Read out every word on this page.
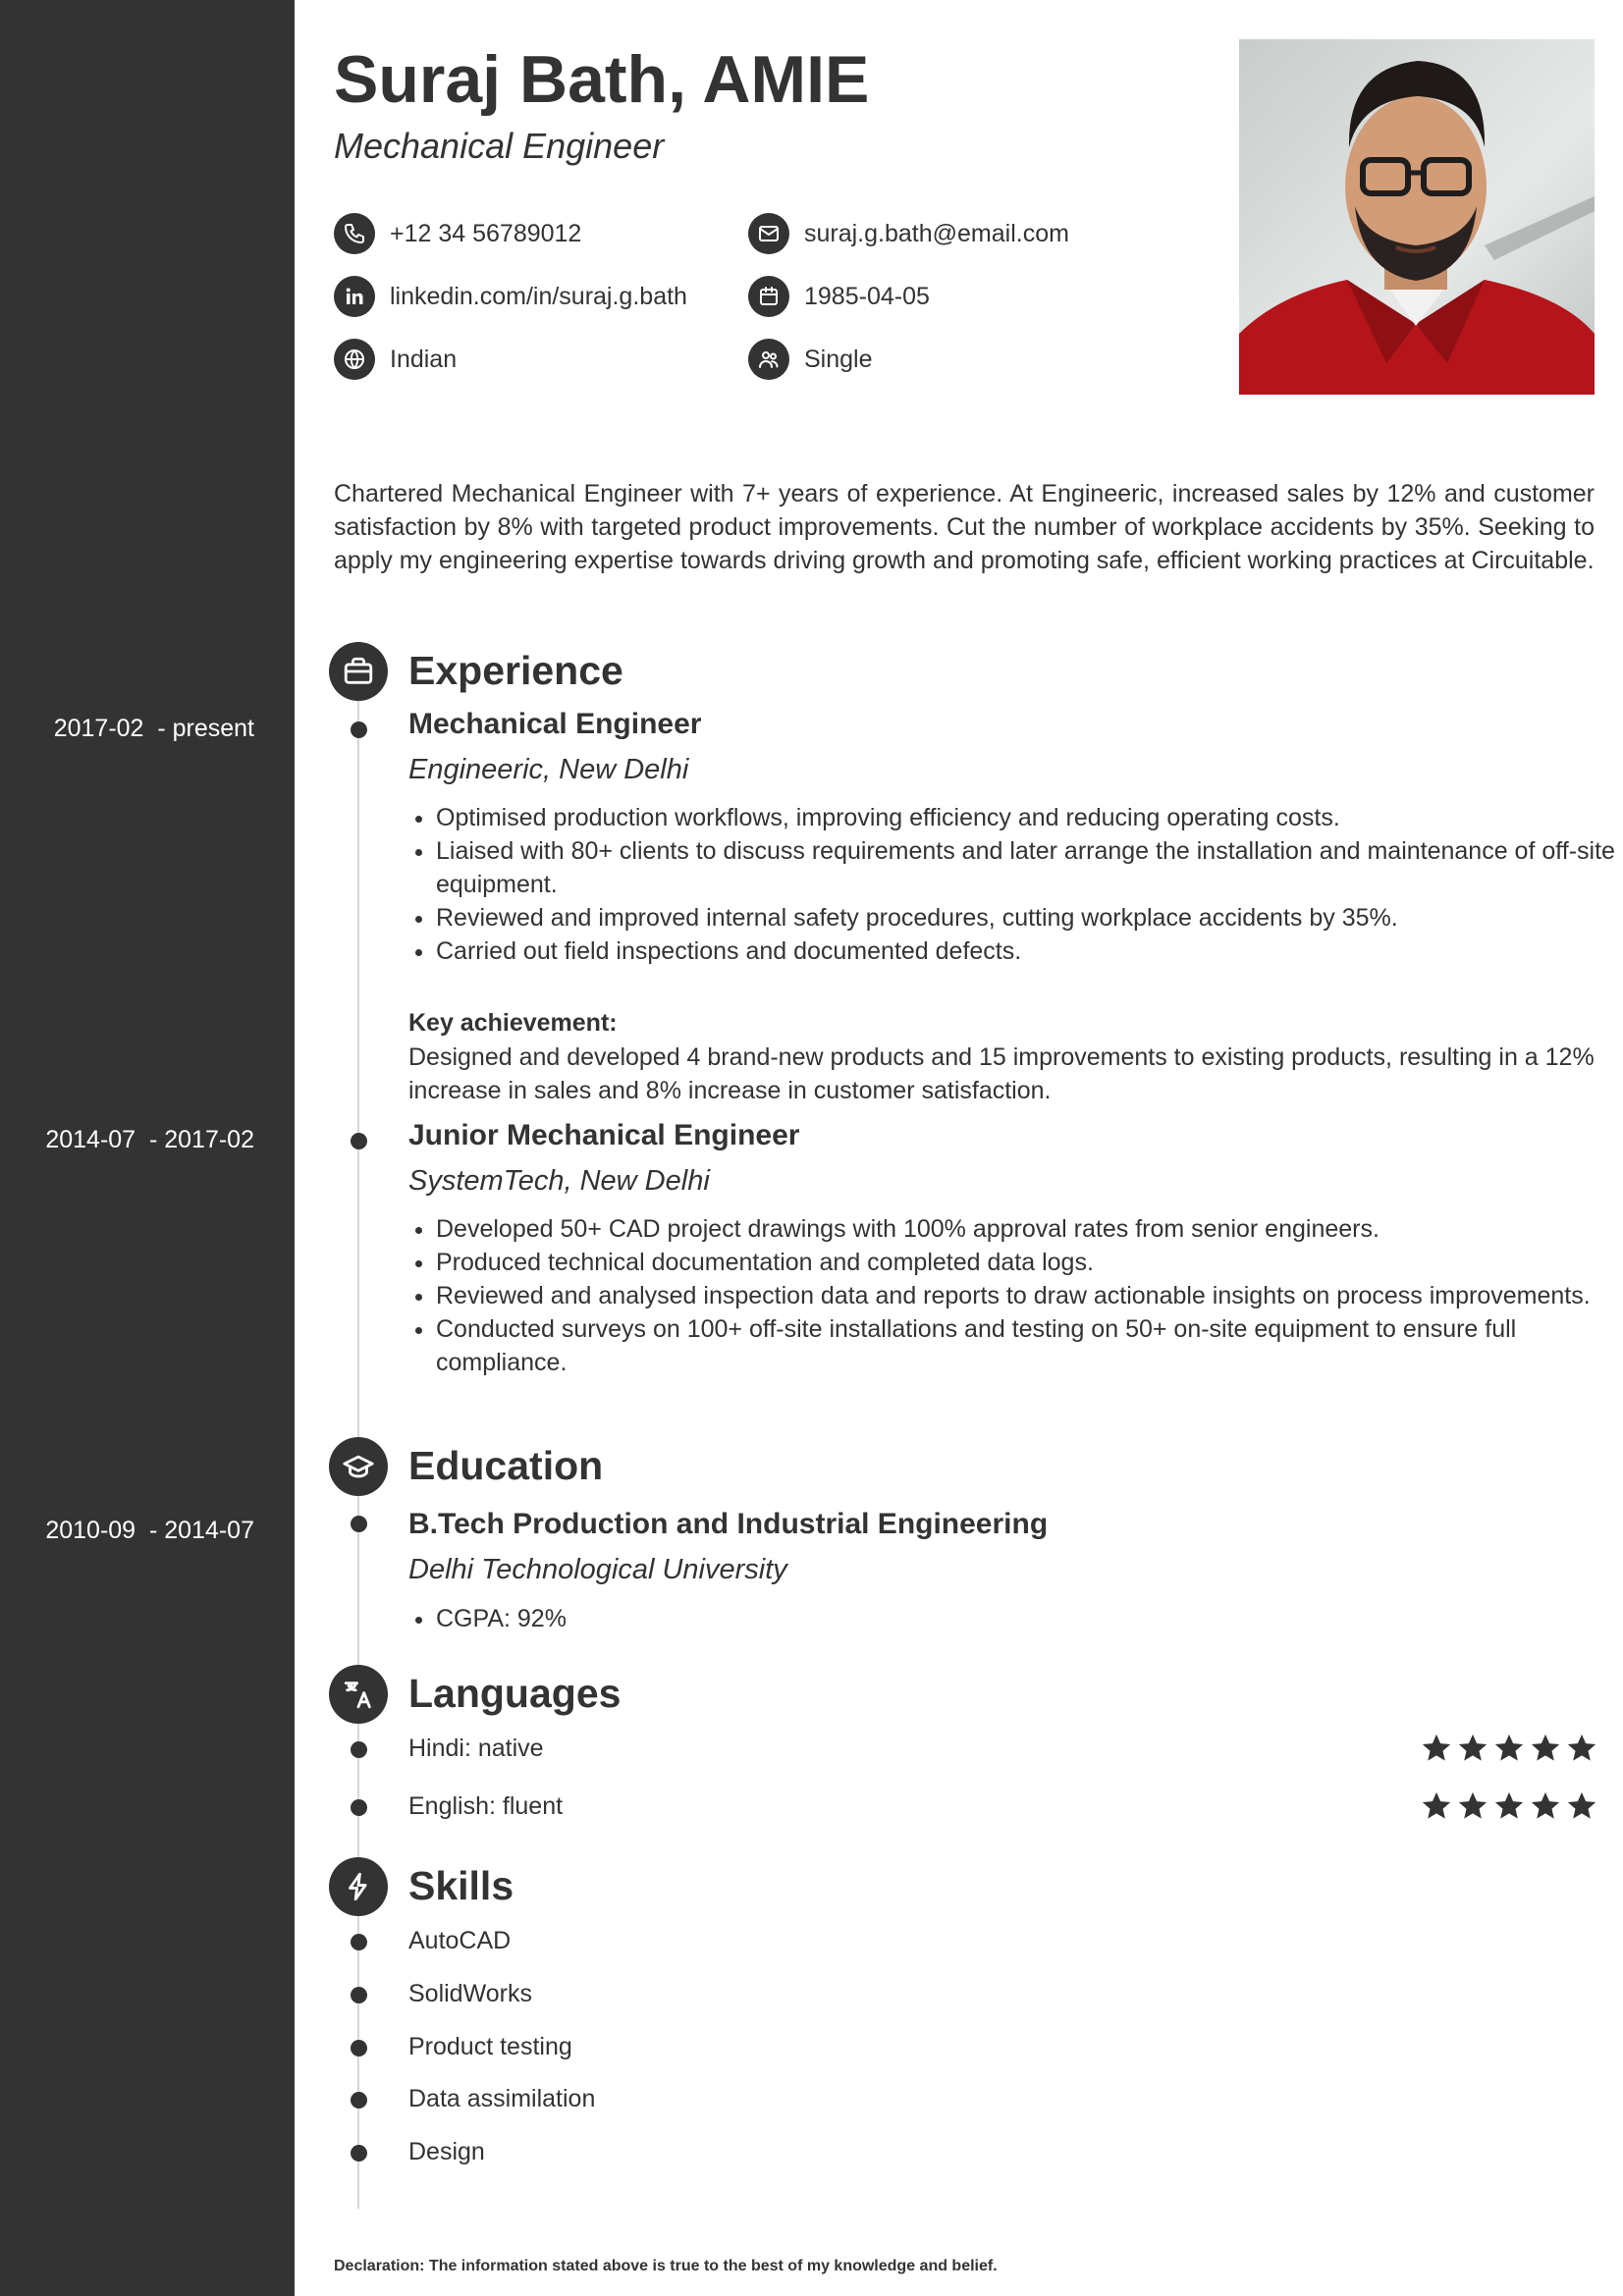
Suraj Bath, AMIE
Mechanical Engineer
+12 34 56789012	suraj.g.bath@email.com
linkedin.com/in/suraj.g.bath	1985-04-05
Indian	Single

Chartered Mechanical Engineer with 7+ years of experience. At Engineeric, increased sales by 12% and customer satisfaction by 8% with targeted product improvements. Cut the number of workplace accidents by 35%. Seeking to apply my engineering expertise towards driving growth and promoting safe, efficient working practices at Circuitable.

Experience
2017-02  - present	Mechanical Engineer
Engineeric, New Delhi
• Optimised production workflows, improving efficiency and reducing operating costs.
• Liaised with 80+ clients to discuss requirements and later arrange the installation and maintenance of off-site equipment.
• Reviewed and improved internal safety procedures, cutting workplace accidents by 35%.
• Carried out field inspections and documented defects.
Key achievement:

Designed and developed 4 brand-new products and 15 improvements to existing products, resulting in a 12% increase in sales and 8% increase in customer satisfaction.

2014-07  - 2017-02	Junior Mechanical Engineer
SystemTech, New Delhi
• Developed 50+ CAD project drawings with 100% approval rates from senior engineers.
• Produced technical documentation and completed data logs.
• Reviewed and analysed inspection data and reports to draw actionable insights on process improvements.
• Conducted surveys on 100+ off-site installations and testing on 50+ on-site equipment to ensure full compliance.
Education
2010-09  - 2014-07	B.Tech Production and Industrial Engineering
Delhi Technological University
• CGPA: 92%
Languages
Hindi: native
English: fluent
Skills
AutoCAD
SolidWorks
Product testing
Data assimilation
Design
Declaration: The information stated above is true to the best of my knowledge and belief.
